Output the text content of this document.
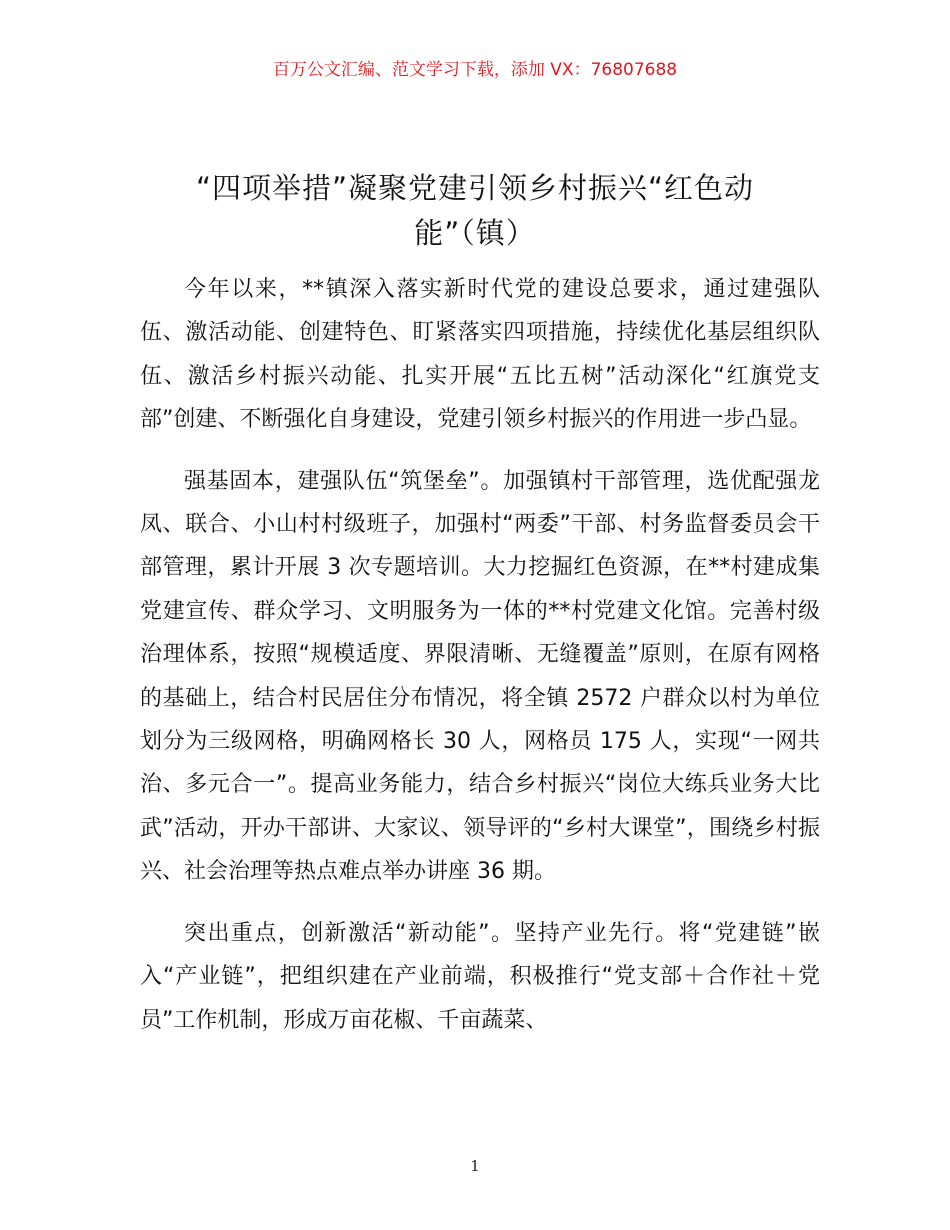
百万公文汇编、范文学习下载，添加 VX：76807688
“四项举措”凝聚党建引领乡村振兴“红色动
能”（镇）

今年以来，**镇深入落实新时代党的建设总要求，通过建强队伍、激活动能、创建特色、盯紧落实四项措施，持续优化基层组织队伍、激活乡村振兴动能、扎实开展“五比五树”活动深化“红旗党支部”创建、不断强化自身建设，党建引领乡村振兴的作用进一步凸显。

强基固本，建强队伍“筑堡垒”。加强镇村干部管理，选优配强龙凤、联合、小山村村级班子，加强村“两委”干部、村务监督委员会干部管理，累计开展 3 次专题培训。大力挖掘红色资源，在**村建成集党建宣传、群众学习、文明服务为一体的**村党建文化馆。完善村级治理体系，按照“规模适度、界限清晰、无缝覆盖”原则，在原有网格的基础上，结合村民居住分布情况，将全镇 2572 户群众以村为单位划分为三级网格，明确网格长 30 人，网格员 175 人，实现“一网共治、多元合一”。提高业务能力，结合乡村振兴“岗位大练兵业务大比武”活动，开办干部讲、大家议、领导评的“乡村大课堂”，围绕乡村振兴、社会治理等热点难点举办讲座 36 期。

突出重点，创新激活“新动能”。坚持产业先行。将“党建链”嵌入“产业链”，把组织建在产业前端，积极推行“党支部＋合作社＋党员”工作机制，形成万亩花椒、千亩蔬菜、

1
